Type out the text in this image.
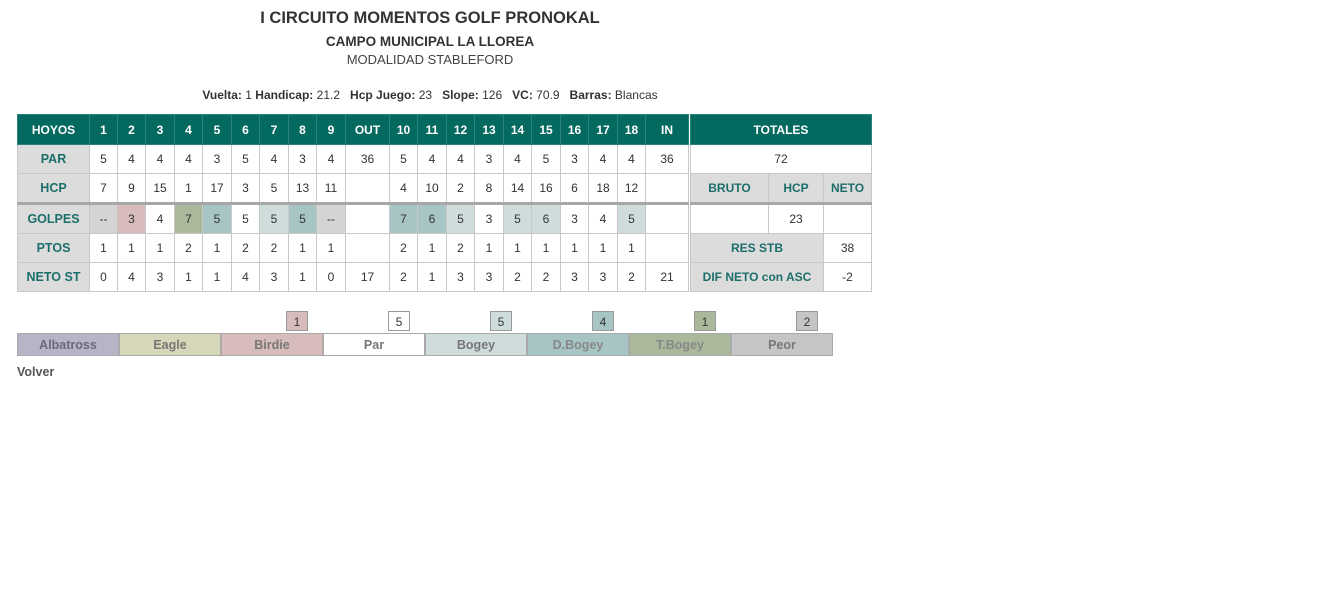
I CIRCUITO MOMENTOS GOLF PRONOKAL
CAMPO MUNICIPAL LA LLOREA
MODALIDAD STABLEFORD
Vuelta: 1 Handicap: 21.2 Hcp Juego: 23 Slope: 126 VC: 70.9 Barras: Blancas
HOYOS	1	2	3	4	5	6	7	8	9	OUT	10	11	12	13	14	15	16	17	18	IN		TOTALES		
PAR	5	4	4	4	3	5	4	3	4	36	5	4	4	3	4	5	3	4	4	36		72		
HCP	7	9	15	1	17	3	5	13	11		4	10	2	8	14	16	6	18	12			BRUTO	HCP	NETO
GOLPES	--	3	4	7	5	5	5	5	--		7	6	5	3	5	6	3	4	5				23	
PTOS	1	1	1	2	1	2	2	1	1		2	1	2	1	1	1	1	1	1			RES STB		38
NETO ST	0	4	3	1	1	4	3	1	0	17	2	1	3	3	2	2	3	3	2	21		DIF NETO con ASC		-2
1	5	5	4	1	2
Albatross	Eagle	Birdie	Par	Bogey	D.Bogey	T.Bogey	Peor
Volver
